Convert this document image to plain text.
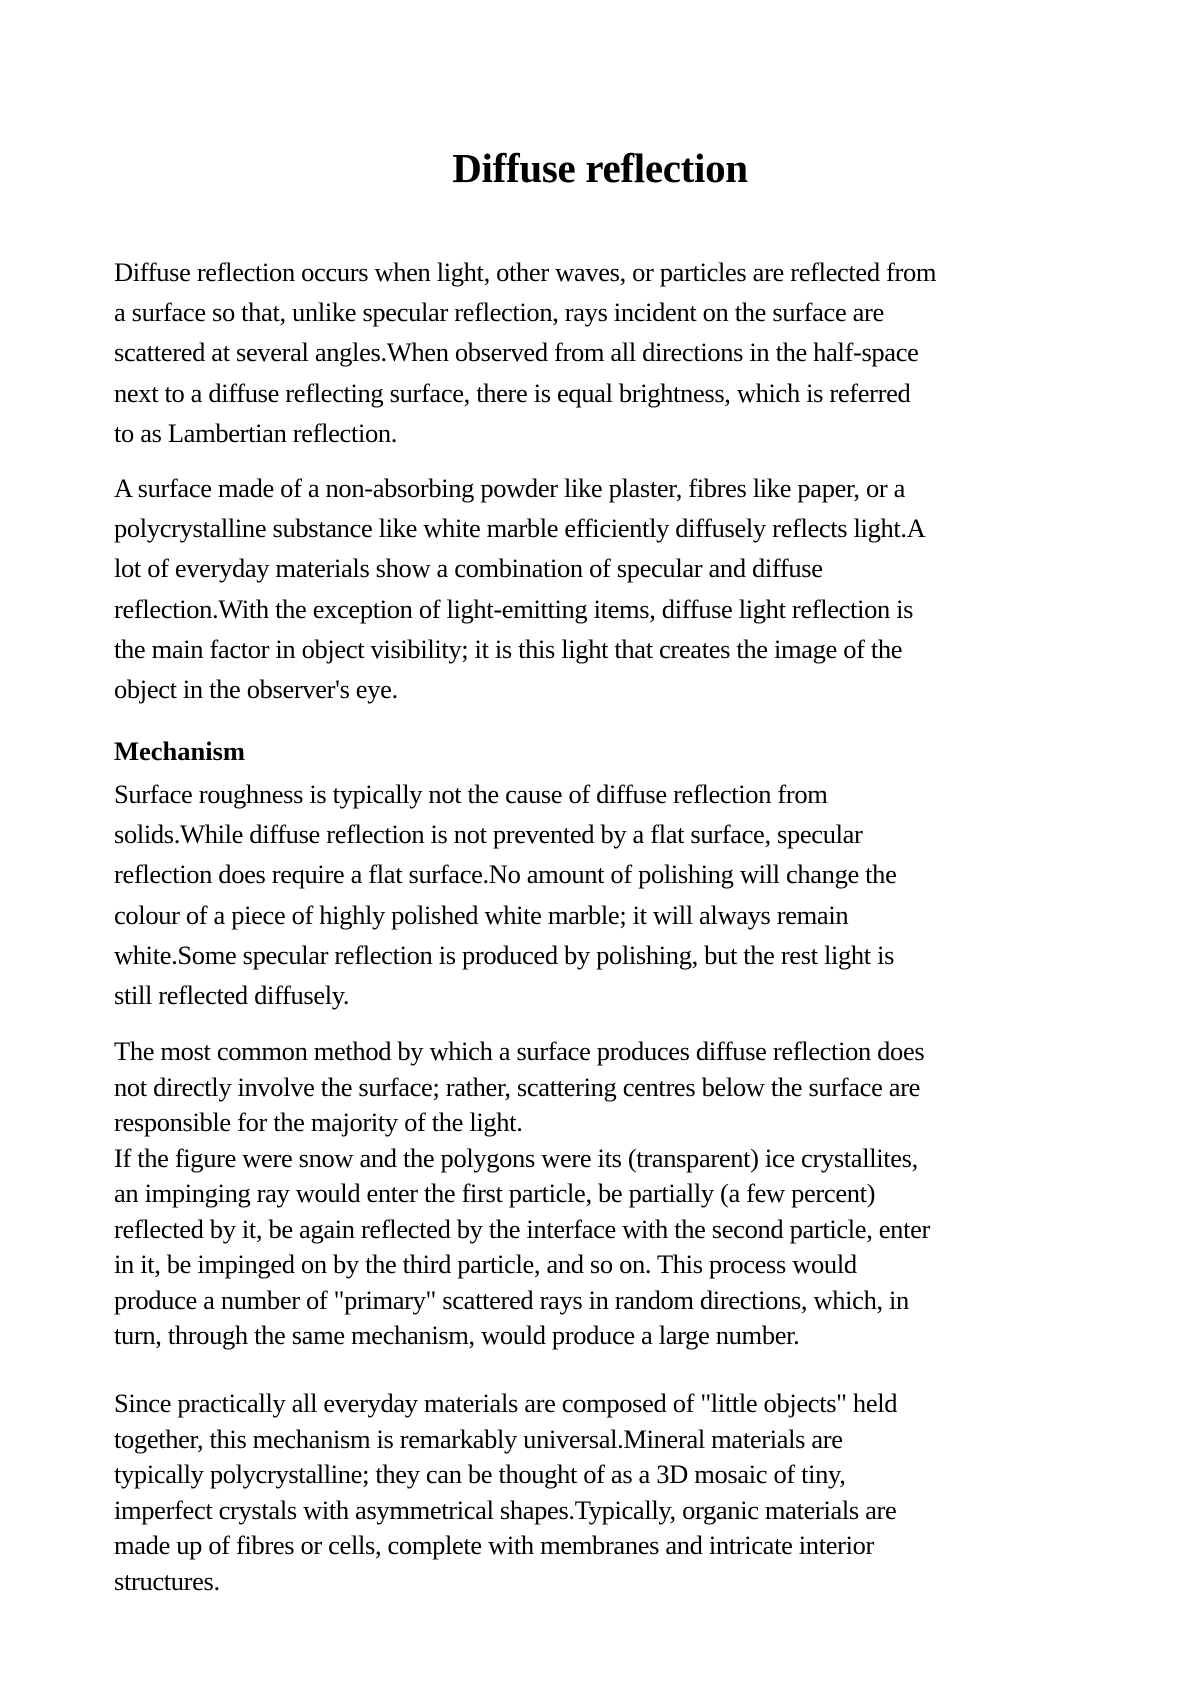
Diffuse reflection

Diffuse reflection occurs when light, other waves, or particles are reflected from
a surface so that, unlike specular reflection, rays incident on the surface are
scattered at several angles.When observed from all directions in the half-space
next to a diffuse reflecting surface, there is equal brightness, which is referred
to as Lambertian reflection.

A surface made of a non-absorbing powder like plaster, fibres like paper, or a
polycrystalline substance like white marble efficiently diffusely reflects light.A
lot of everyday materials show a combination of specular and diffuse
reflection.With the exception of light-emitting items, diffuse light reflection is
the main factor in object visibility; it is this light that creates the image of the
object in the observer's eye.

Mechanism

Surface roughness is typically not the cause of diffuse reflection from
solids.While diffuse reflection is not prevented by a flat surface, specular
reflection does require a flat surface.No amount of polishing will change the
colour of a piece of highly polished white marble; it will always remain
white.Some specular reflection is produced by polishing, but the rest light is
still reflected diffusely.

The most common method by which a surface produces diffuse reflection does
not directly involve the surface; rather, scattering centres below the surface are
responsible for the majority of the light.
If the figure were snow and the polygons were its (transparent) ice crystallites,
an impinging ray would enter the first particle, be partially (a few percent)
reflected by it, be again reflected by the interface with the second particle, enter
in it, be impinged on by the third particle, and so on. This process would
produce a number of "primary" scattered rays in random directions, which, in
turn, through the same mechanism, would produce a large number.

Since practically all everyday materials are composed of "little objects" held
together, this mechanism is remarkably universal.Mineral materials are
typically polycrystalline; they can be thought of as a 3D mosaic of tiny,
imperfect crystals with asymmetrical shapes.Typically, organic materials are
made up of fibres or cells, complete with membranes and intricate interior
structures.
